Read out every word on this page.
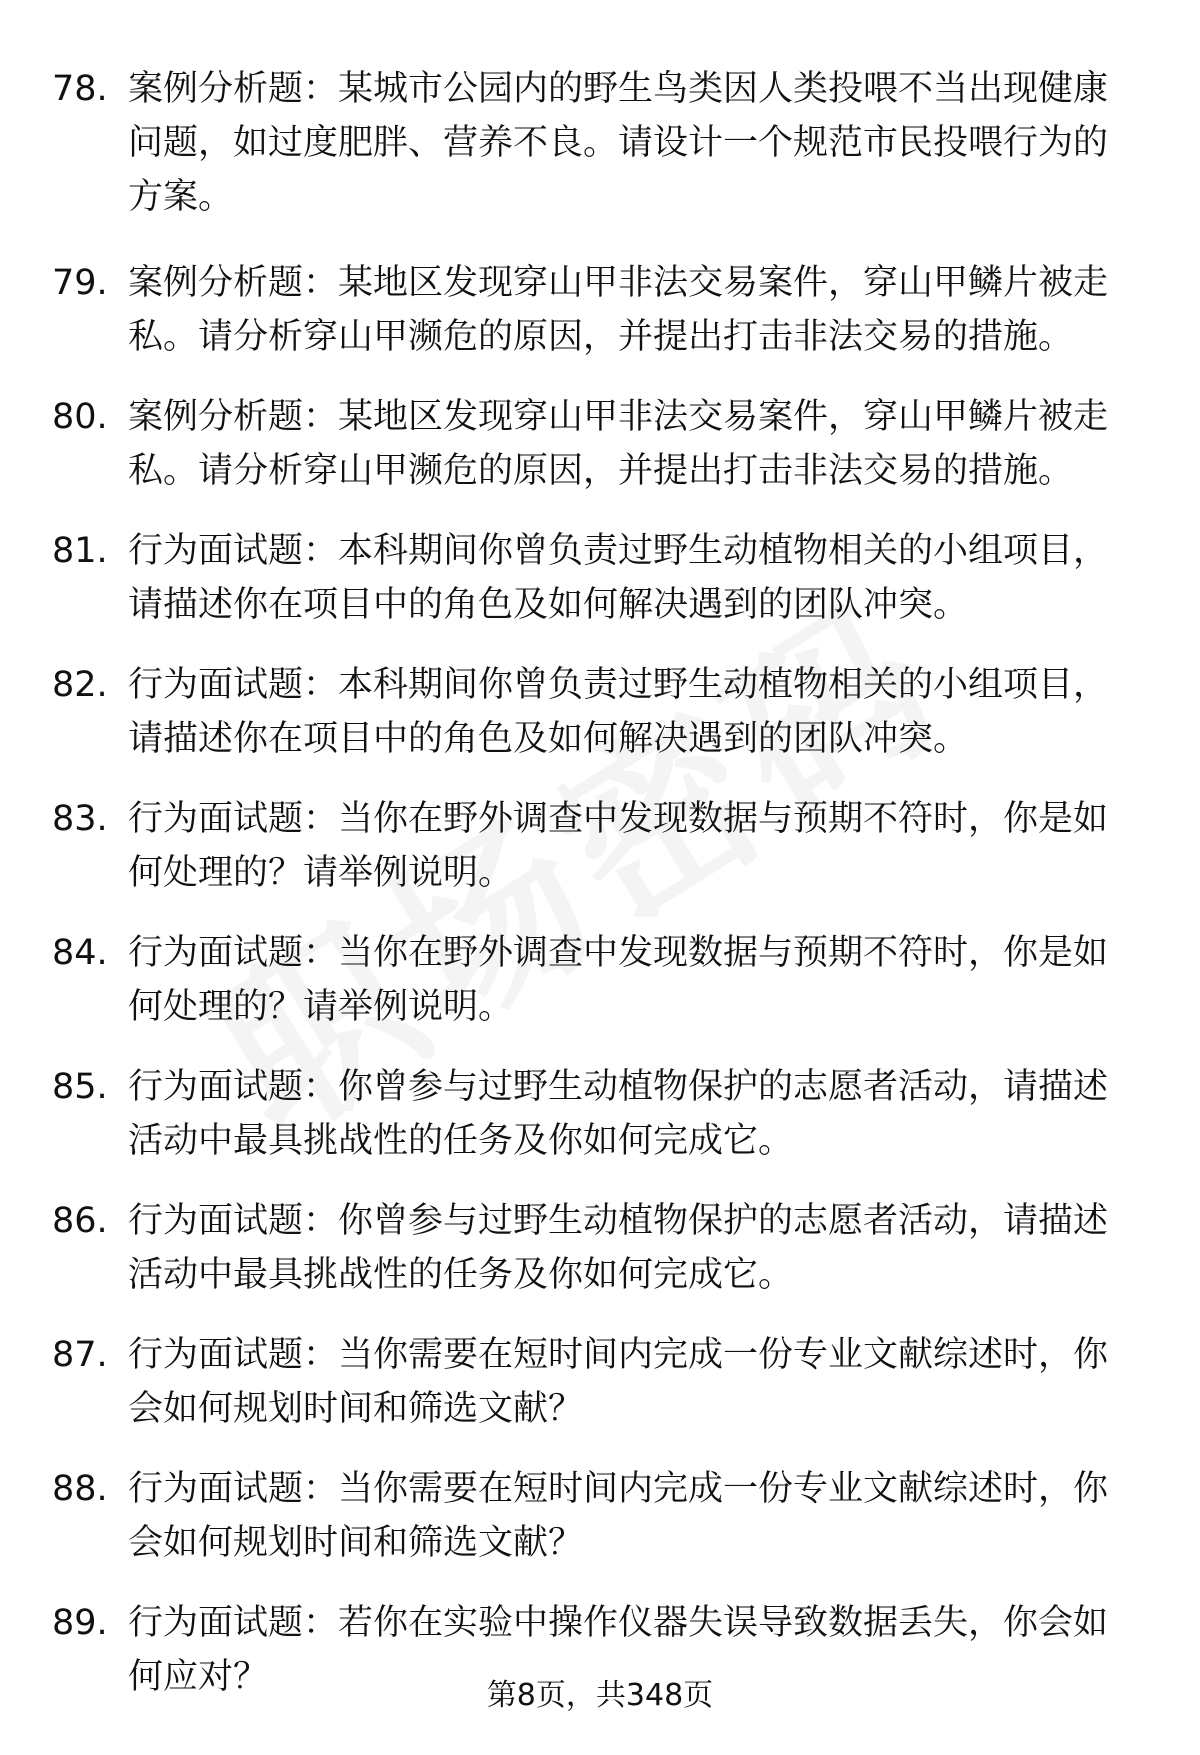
78. 案例分析题：某城市公园内的野生鸟类因人类投喂不当出现健康
问题，如过度肥胖、营养不良。请设计一个规范市民投喂行为的
方案。

79. 案例分析题：某地区发现穿山甲非法交易案件，穿山甲鳞片被走
私。请分析穿山甲濒危的原因，并提出打击非法交易的措施。

80. 案例分析题：某地区发现穿山甲非法交易案件，穿山甲鳞片被走
私。请分析穿山甲濒危的原因，并提出打击非法交易的措施。

81. 行为面试题：本科期间你曾负责过野生动植物相关的小组项目，
请描述你在项目中的角色及如何解决遇到的团队冲突。

82. 行为面试题：本科期间你曾负责过野生动植物相关的小组项目，
请描述你在项目中的角色及如何解决遇到的团队冲突。

83. 行为面试题：当你在野外调查中发现数据与预期不符时，你是如
何处理的？请举例说明。

84. 行为面试题：当你在野外调查中发现数据与预期不符时，你是如
何处理的？请举例说明。

85. 行为面试题：你曾参与过野生动植物保护的志愿者活动，请描述
活动中最具挑战性的任务及你如何完成它。

86. 行为面试题：你曾参与过野生动植物保护的志愿者活动，请描述
活动中最具挑战性的任务及你如何完成它。

87. 行为面试题：当你需要在短时间内完成一份专业文献综述时，你
会如何规划时间和筛选文献？

88. 行为面试题：当你需要在短时间内完成一份专业文献综述时，你
会如何规划时间和筛选文献？

89. 行为面试题：若你在实验中操作仪器失误导致数据丢失，你会如
何应对？	第8页，共348页
